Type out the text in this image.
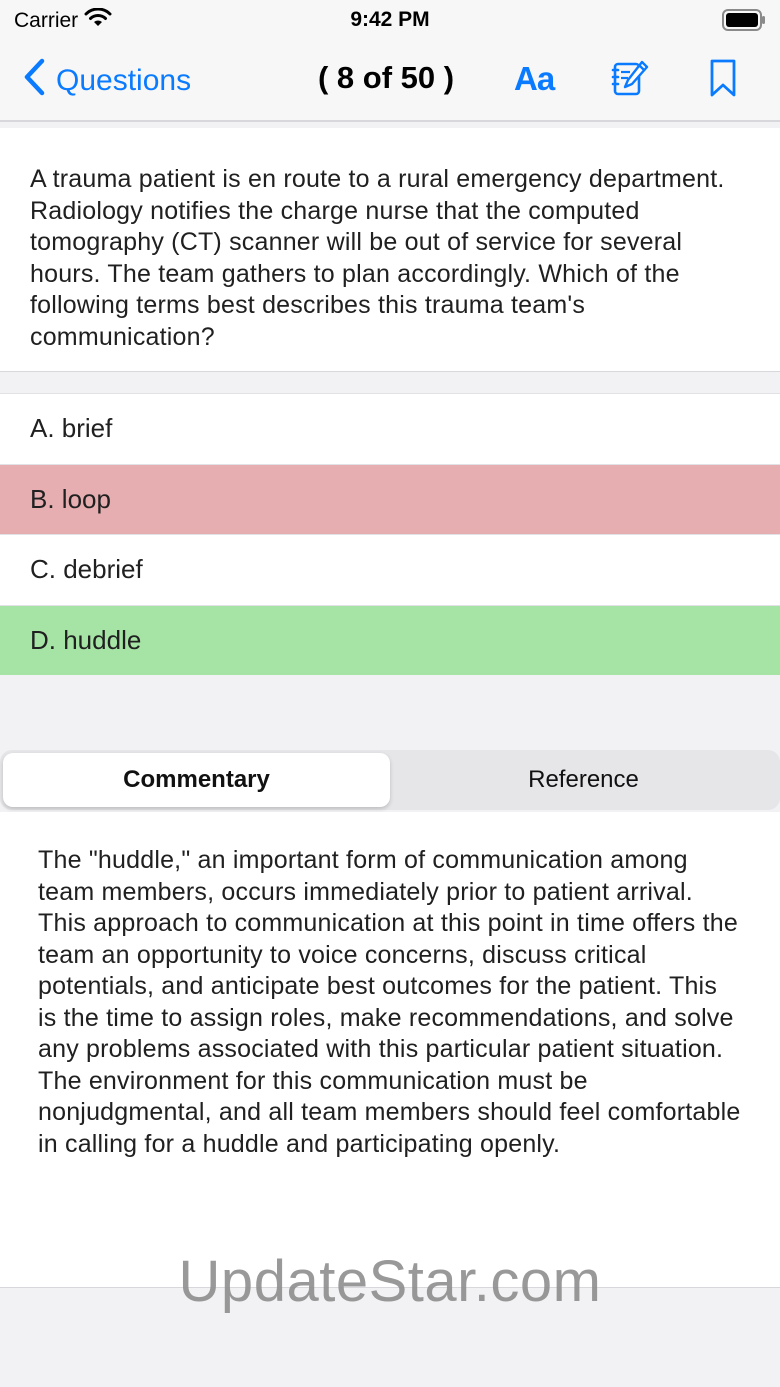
Carrier	9:42 PM
Questions	( 8 of 50 ) Aa
A trauma patient is en route to a rural emergency department. Radiology notifies the charge nurse that the computed tomography (CT) scanner will be out of service for several hours. The team gathers to plan accordingly. Which of the following terms best describes this trauma team's communication?
A. brief
B. loop
C. debrief
D. huddle
Commentary	Reference
The "huddle," an important form of communication among team members, occurs immediately prior to patient arrival. This approach to communication at this point in time offers the team an opportunity to voice concerns, discuss critical potentials, and anticipate best outcomes for the patient. This is the time to assign roles, make recommendations, and solve any problems associated with this particular patient situation. The environment for this communication must be nonjudgmental, and all team members should feel comfortable in calling for a huddle and participating openly.
UpdateStar.com
